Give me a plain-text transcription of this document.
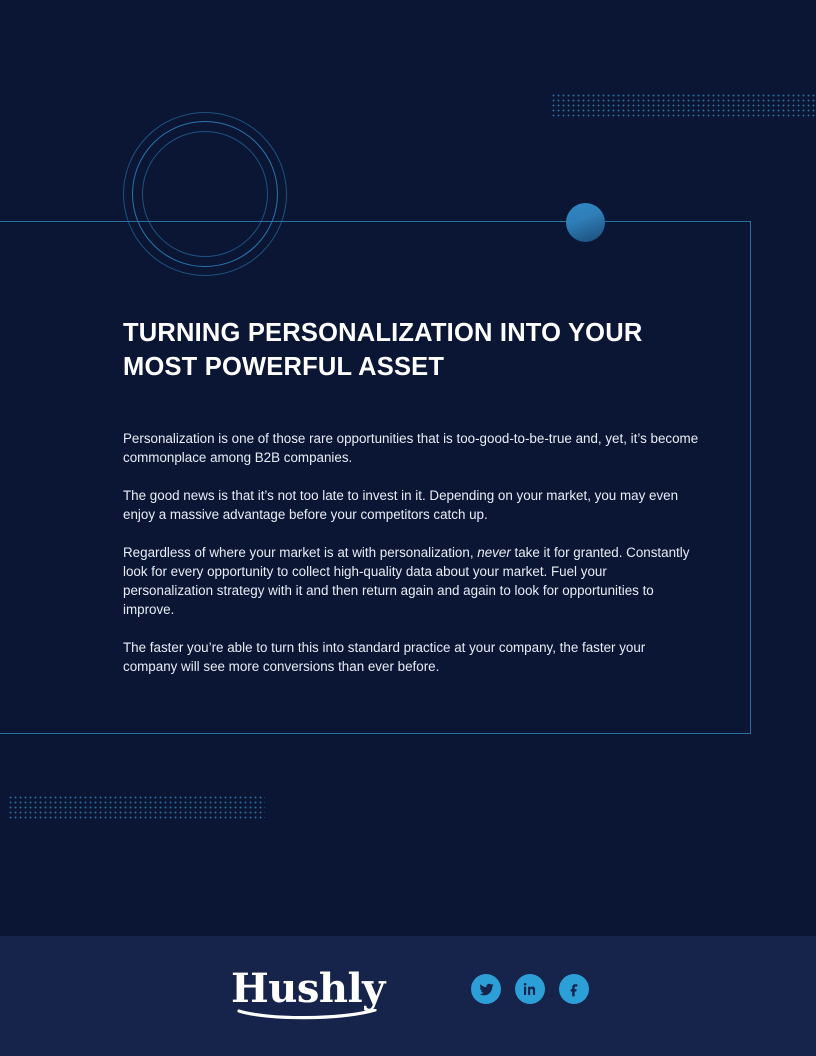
TURNING PERSONALIZATION INTO YOUR MOST POWERFUL ASSET

Personalization is one of those rare opportunities that is too-good-to-be-true and, yet, it’s become commonplace among B2B companies.

The good news is that it’s not too late to invest in it. Depending on your market, you may even enjoy a massive advantage before your competitors catch up.

Regardless of where your market is at with personalization, never take it for granted. Constantly look for every opportunity to collect high-quality data about your market. Fuel your personalization strategy with it and then return again and again to look for opportunities to improve.

The faster you’re able to turn this into standard practice at your company, the faster your company will see more conversions than ever before.

Hushly
